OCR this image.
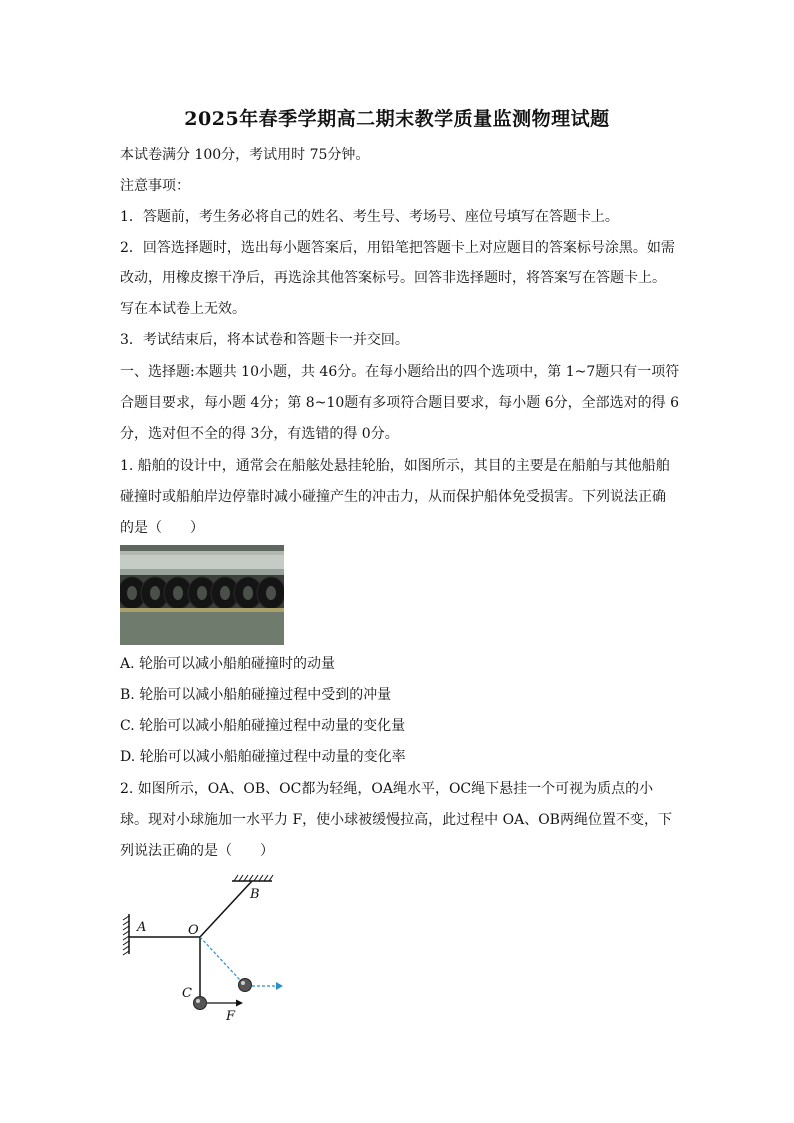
2025年春季学期高二期末教学质量监测物理试题
本试卷满分 100分，考试用时 75分钟。
注意事项：
1．答题前，考生务必将自己的姓名、考生号、考场号、座位号填写在答题卡上。
2．回答选择题时，选出每小题答案后，用铅笔把答题卡上对应题目的答案标号涂黑。如需
改动，用橡皮擦干净后，再选涂其他答案标号。回答非选择题时，将答案写在答题卡上。
写在本试卷上无效。
3．考试结束后，将本试卷和答题卡一并交回。
一、选择题:本题共 10小题，共 46分。在每小题给出的四个选项中，第 1~7题只有一项符
合题目要求，每小题 4分；第 8~10题有多项符合题目要求，每小题 6分，全部选对的得 6
分，选对但不全的得 3分，有选错的得 0分。
1. 船舶的设计中，通常会在船舷处悬挂轮胎，如图所示，其目的主要是在船舶与其他船舶
碰撞时或船舶岸边停靠时减小碰撞产生的冲击力，从而保护船体免受损害。下列说法正确
的是（　　）
A. 轮胎可以减小船舶碰撞时的动量
B. 轮胎可以减小船舶碰撞过程中受到的冲量
C. 轮胎可以减小船舶碰撞过程中动量的变化量
D. 轮胎可以减小船舶碰撞过程中动量的变化率
2. 如图所示，OA、OB、OC都为轻绳，OA绳水平，OC绳下悬挂一个可视为质点的小
球。现对小球施加一水平力 F，使小球被缓慢拉高，此过程中 OA、OB两绳位置不变，下
列说法正确的是（　　）
A	O
B
C
F
